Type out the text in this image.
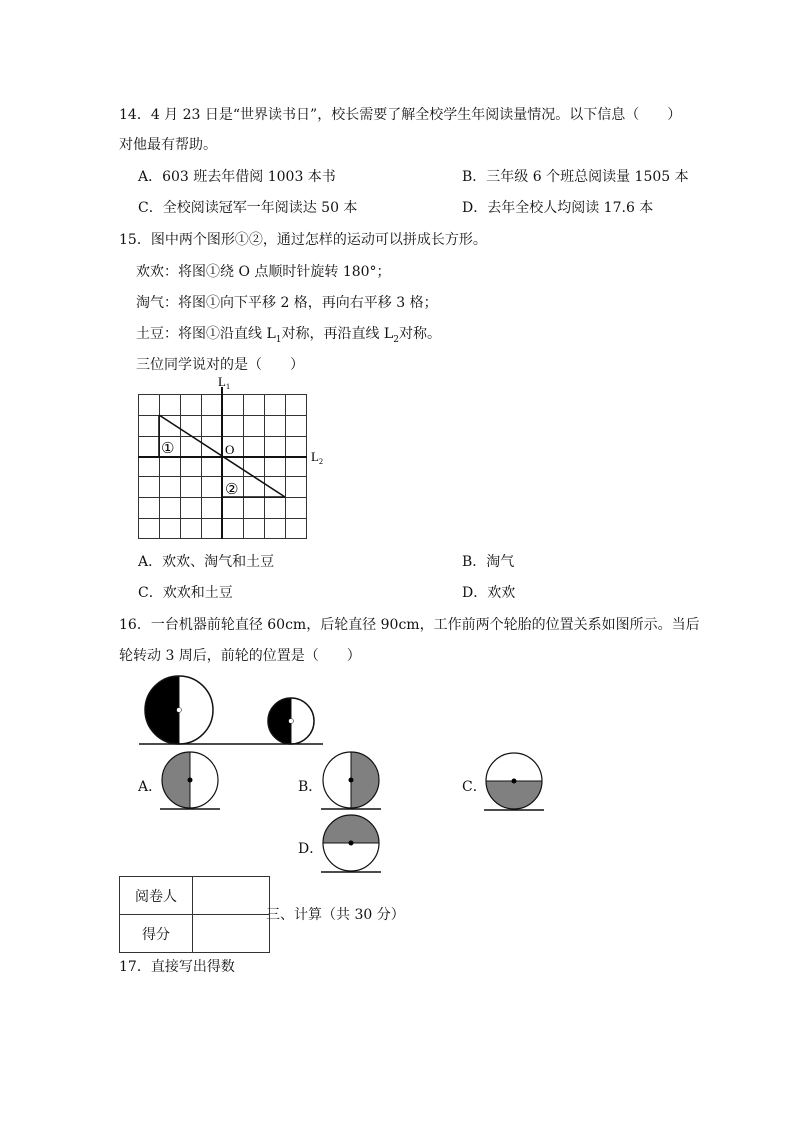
14．4 月 23 日是“世界读书日”，校长需要了解全校学生年阅读量情况。以下信息（　　）
对他最有帮助。
A．603 班去年借阅 1003 本书	B．三年级 6 个班总阅读量 1505 本
C．全校阅读冠军一年阅读达 50 本	D．去年全校人均阅读 17.6 本
15．图中两个图形①②，通过怎样的运动可以拼成长方形。
欢欢：将图①绕 O 点顺时针旋转 180°；
淘气：将图①向下平移 2 格，再向右平移 3 格；
土豆：将图①沿直线 $L_1$对称，再沿直线 $L_2$对称。
三位同学说对的是（　　）
$L_1$
$L_2$
O
①
②
A．欢欢、淘气和土豆	B．淘气
C．欢欢和土豆	D．欢欢
16．一台机器前轮直径 60cm，后轮直径 90cm，工作前两个轮胎的位置关系如图所示。当后
轮转动 3 周后，前轮的位置是（　　）
A．	B．	C．
D．
阅卷人	
得分	
三、计算（共 30 分）
17．直接写出得数
